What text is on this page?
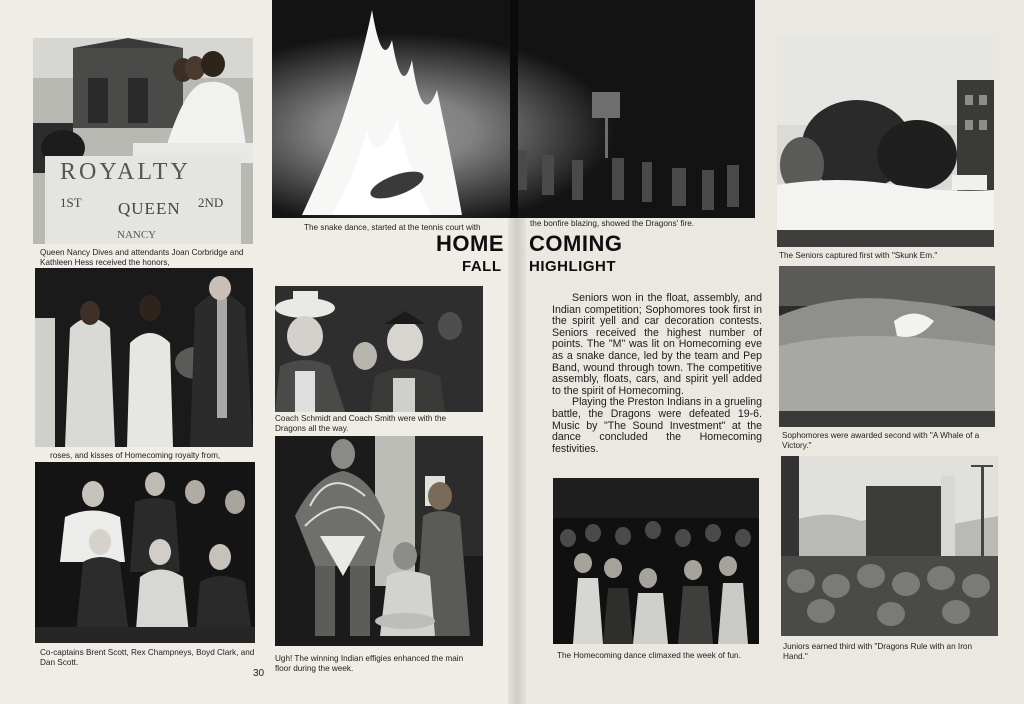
ROYALTY
1ST QUEEN 2ND
NANCY
Queen Nancy Dives and attendants Joan Corbridge and Kathleen Hess received the honors,
The snake dance, started at the tennis court with	the bonfire blazing, showed the Dragons' fire.
HOME COMING
FALL HIGHLIGHT
roses, and kisses of Homecoming royalty from,
Coach Schmidt and Coach Smith were with the Dragons all the way.
Co-captains Brent Scott, Rex Champneys, Boyd Clark, and Dan Scott.	Ugh! The winning Indian effigies enhanced the main floor during the week.
30

Seniors won in the float, assembly, and Indian competition; Sophomores took first in the spirit yell and car decoration contests. Seniors received the highest number of points. The "M" was lit on Homecoming eve as a snake dance, led by the team and Pep Band, wound through town. The competitive assembly, floats, cars, and spirit yell added to the spirit of Homecoming.

Playing the Preston Indians in a grueling battle, the Dragons were defeated 19-6. Music by "The Sound Investment" at the dance concluded the Homecoming festivities.

The Homecoming dance climaxed the week of fun.
The Seniors captured first with "Skunk Em."
Sophomores were awarded second with "A Whale of a Victory."
Juniors earned third with "Dragons Rule with an Iron Hand."
